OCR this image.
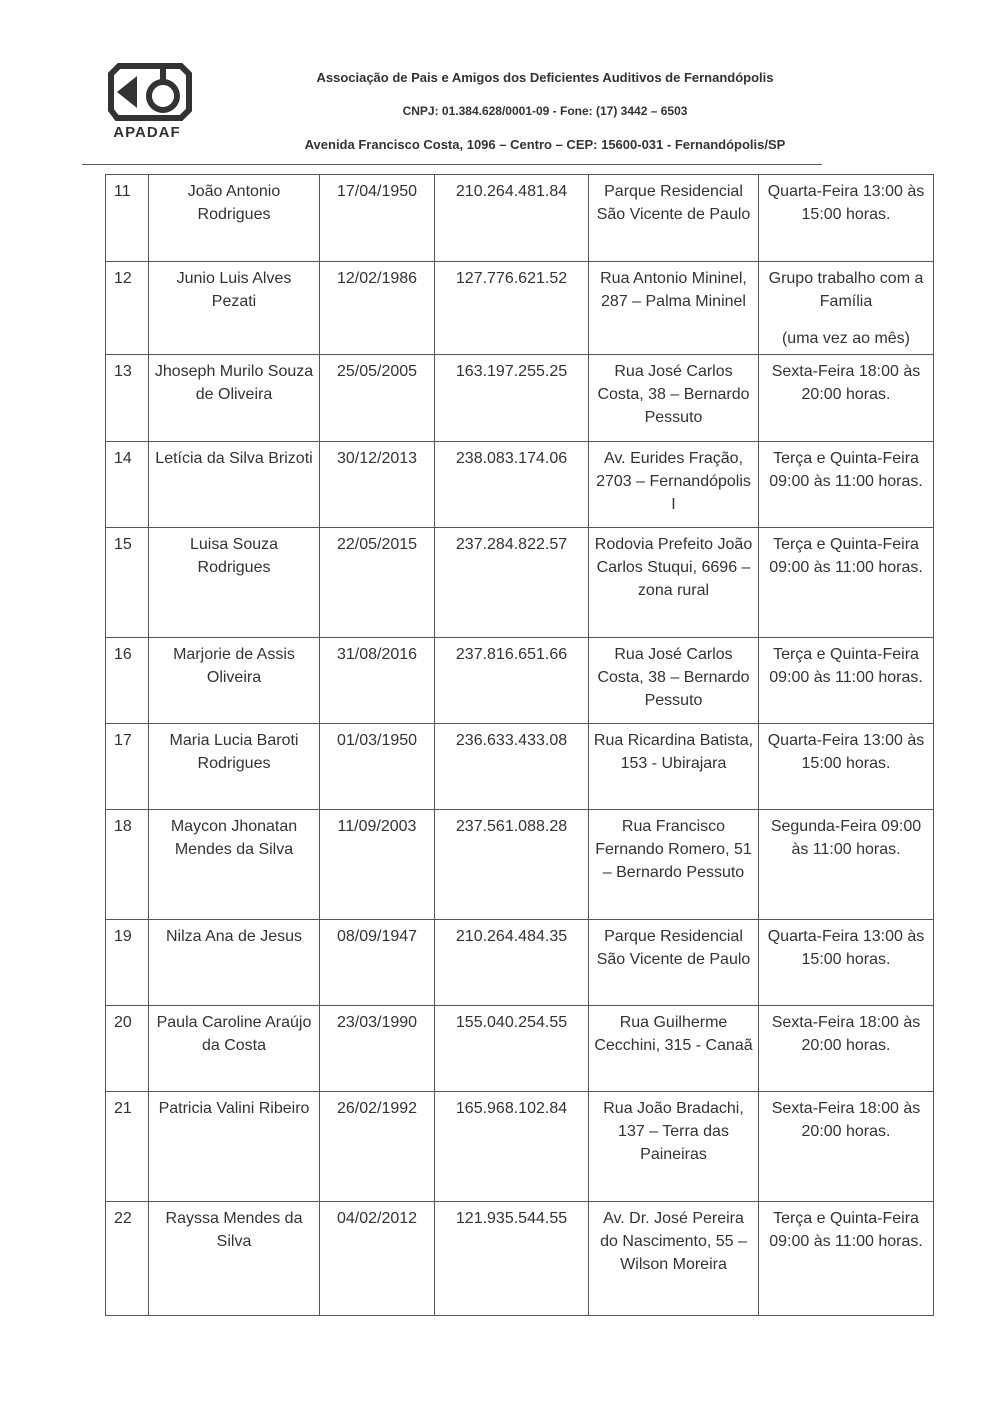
APADAF
Associação de Pais e Amigos dos Deficientes Auditivos de Fernandópolis
CNPJ: 01.384.628/0001-09 - Fone: (17) 3442 – 6503
Avenida Francisco Costa, 1096 – Centro – CEP: 15600-031 - Fernandópolis/SP
11	João Antonio Rodrigues	17/04/1950	210.264.481.84	Parque Residencial São Vicente de Paulo	Quarta-Feira 13:00 às 15:00 horas.
12	Junio Luis Alves Pezati	12/02/1986	127.776.621.52	Rua Antonio Mininel, 287 – Palma Mininel	Grupo trabalho com a Família
(uma vez ao mês)

13	Jhoseph Murilo Souza de Oliveira	25/05/2005	163.197.255.25	Rua José Carlos Costa, 38 – Bernardo Pessuto	Sexta-Feira 18:00 às 20:00 horas.
14	Letícia da Silva Brizoti	30/12/2013	238.083.174.06	Av. Eurides Fração, 2703 – Fernandópolis I	Terça e Quinta-Feira 09:00 às 11:00 horas.
15	Luisa Souza Rodrigues	22/05/2015	237.284.822.57	Rodovia Prefeito João Carlos Stuqui, 6696 – zona rural	Terça e Quinta-Feira 09:00 às 11:00 horas.
16	Marjorie de Assis Oliveira	31/08/2016	237.816.651.66	Rua José Carlos Costa, 38 – Bernardo Pessuto	Terça e Quinta-Feira 09:00 às 11:00 horas.
17	Maria Lucia Baroti Rodrigues	01/03/1950	236.633.433.08	Rua Ricardina Batista, 153 - Ubirajara	Quarta-Feira 13:00 às 15:00 horas.
18	Maycon Jhonatan Mendes da Silva	11/09/2003	237.561.088.28	Rua Francisco Fernando Romero, 51 – Bernardo Pessuto	Segunda-Feira 09:00 às 11:00 horas.
19	Nilza Ana de Jesus	08/09/1947	210.264.484.35	Parque Residencial São Vicente de Paulo	Quarta-Feira 13:00 às 15:00 horas.
20	Paula Caroline Araújo da Costa	23/03/1990	155.040.254.55	Rua Guilherme Cecchini, 315 - Canaã	Sexta-Feira 18:00 às 20:00 horas.
21	Patricia Valini Ribeiro	26/02/1992	165.968.102.84	Rua João Bradachi, 137 – Terra das Paineiras	Sexta-Feira 18:00 às 20:00 horas.
22	Rayssa Mendes da Silva	04/02/2012	121.935.544.55	Av. Dr. José Pereira do Nascimento, 55 – Wilson Moreira	Terça e Quinta-Feira 09:00 às 11:00 horas.
